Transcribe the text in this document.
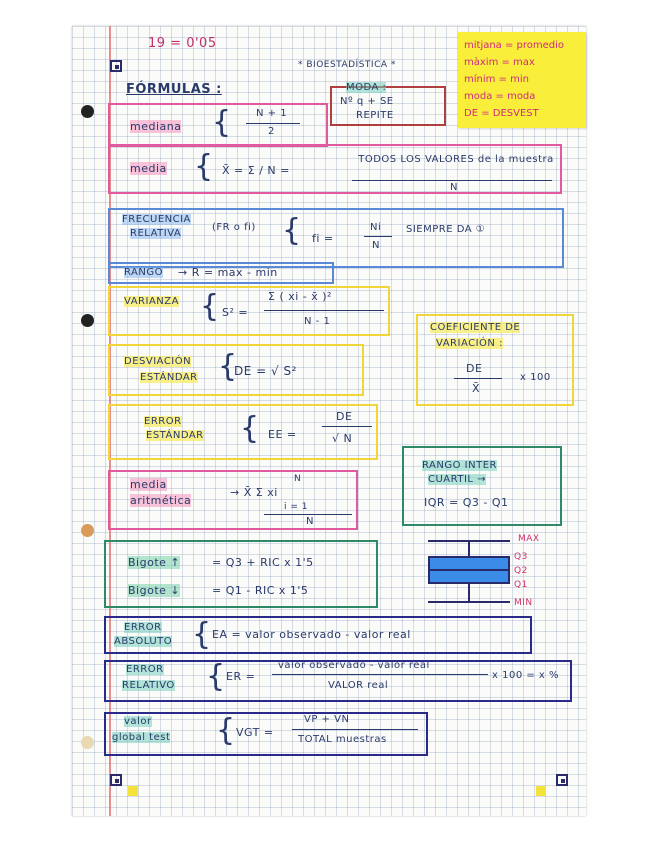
19 = 0'05
* BIOESTADÍSTICA *
FÓRMULAS :
mitjana = promedio
màxim = max
mínim = min
moda = moda
DE = DESVEST
MODA :
Nº q + SE
REPITE
mediana { N + 1
2
media { X̄ = Σ / N =
TODOS LOS VALORES de la muestra
N
FRECUENCIA
RELATIVA
(FR o fi) { fi =
Ni
N
SIEMPRE DA ①
RANGO → R = max - min
VARIANZA { S² =
Σ ( xi - x̄ )²
N - 1
COEFICIENTE DE
VARIACIÓN :
DE
X̄
x 100
DESVIACIÓN
ESTÁNDAR {
DE = √ S²
ERROR
ESTÁNDAR { EE =
DE
√ N
RANGO INTER
CUARTIL →
IQR = Q3 - Q1
media
aritmética
N
→ X̄ Σ xi
i = 1
N
Bigote ↑	= Q3 + RIC x 1'5
Bigote ↓	= Q1 - RIC x 1'5
MAX
Q3
Q2
Q1
MIN
ERROR
ABSOLUTO { EA = valor observado - valor real
ERROR
RELATIVO { ER =
valor observado - valor real
VALOR real
x 100 = x %
valor
global test { VGT =
VP + VN
TOTAL muestras
